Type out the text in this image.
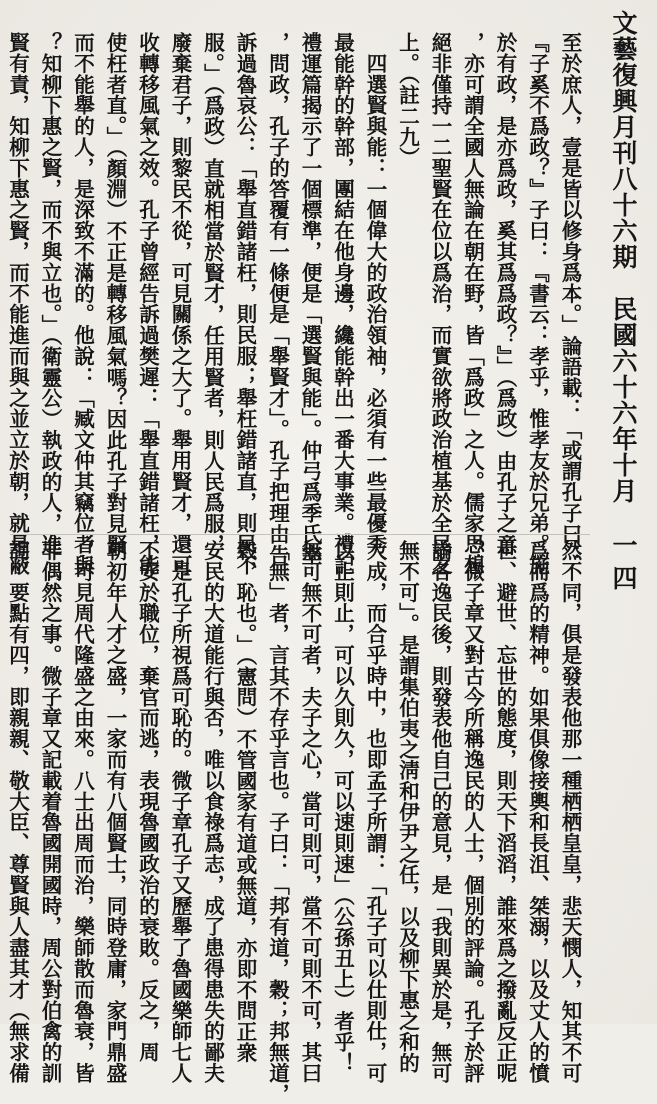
文藝復興月刊八十六期　民國六十六年十月
至於庶人，壹是皆以修身爲本。」論語載：「或謂孔子曰：
『子奚不爲政？』子曰：『書云：孝乎，惟孝友於兄弟。施
於有政，是亦爲政，奚其爲爲政？』」（爲政）由孔子之意
，亦可謂全國人無論在朝在野，皆「爲政」之人。儒家思想
絕非僅持一二聖賢在位以爲治，而實欲將政治植基於全民之
上。（註二九）
　四選賢與能：一個偉大的政治領袖，必須有一些最優秀
最能幹的幹部，團結在他身邊，纔能幹出一番大事業。禮記
禮運篇揭示了一個標準，便是「選賢與能」。仲弓爲季氏宰
，問政，孔子的答覆有一條便是「舉賢才」。孔子把理由告
訴過魯哀公：「舉直錯諸枉，則民服；舉枉錯諸直，則民不
服。」（爲政）直就相當於賢才，任用賢者，則人民爲服，
廢棄君子，則黎民不從，可見關係之大了。舉用賢才，還可
收轉移風氣之效。孔子曾經告訴過樊遲：「舉直錯諸枉，能
使枉者直。」（顏淵）不正是轉移風氣嗎？因此孔子對見賢
而不能舉的人，是深致不滿的。他說：「臧文仲其竊位者與
？知柳下惠之賢，而不與立也。」（衛靈公）執政的人，進
賢有責，知柳下惠之賢，而不能進而與之並立於朝，就是蔽	一四
然不同，俱是發表他那一種栖栖皇皇，悲天憫人，知其不可
爲而爲的精神。如果俱像接輿和長沮、桀溺，以及丈人的憤
世、避世、忘世的態度，則天下滔滔，誰來爲之撥亂反正呢
？微子章又對古今所稱逸民的人士，個別的評論。孔子於評
論各逸民後，則發表他自己的意見，是「我則異於是，無可
無不可」。是謂集伯夷之淸和伊尹之任，以及柳下惠之和的
大成，而合乎時中，也即孟子所謂：「孔子可以仕則仕，可
以止則止，可以久則久，可以速則速」（公孫丑上）者乎！
無可無不可者，夫子之心，當可則可，當不可則不可，其曰
「無」者，言其不存乎言也。子曰：「邦有道，穀；邦無道，
穀，恥也。」（憲問）不管國家有道或無道，亦即不問正衆
安民的大道能行與否，唯以食祿爲志，成了患得患失的鄙夫
，是孔子所視爲可恥的。微子章孔子又歷舉了魯國樂師七人
不安於職位，棄官而逃，表現魯國政治的衰敗。反之，周
朝初年人才之盛，一家而有八個賢士，同時登庸，家門鼎盛
，可見周代隆盛之由來。八士出周而治，樂師散而魯衰，皆
非偶然之事。微子章又記載着魯國開國時，周公對伯禽的訓
詞，要點有四，即親親、敬大臣、尊賢與人盡其才（無求備
